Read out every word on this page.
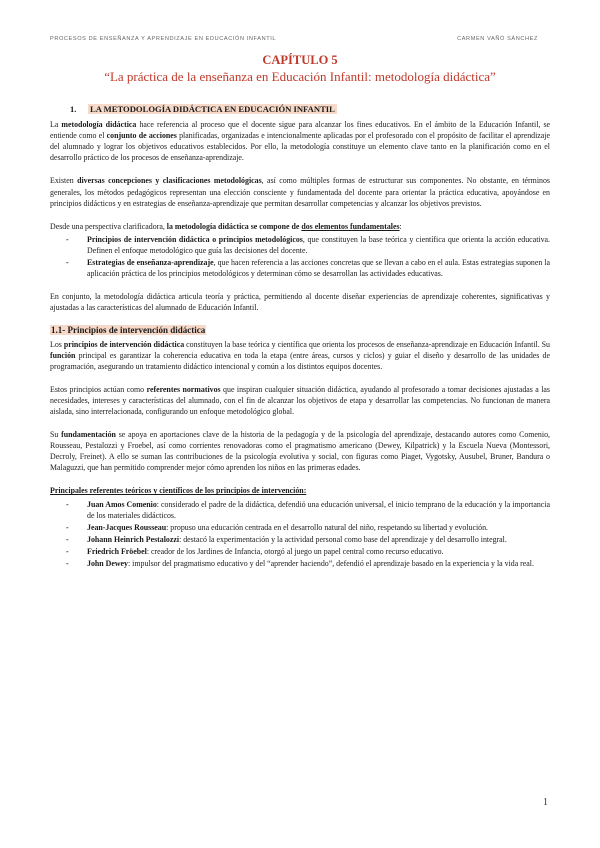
PROCESOS DE ENSEÑANZA Y APRENDIZAJE EN EDUCACIÓN INFANTIL	CARMEN VAÑÓ SÁNCHEZ
CAPÍTULO 5
“La práctica de la enseñanza en Educación Infantil: metodología didáctica”
1. LA METODOLOGÍA DIDÁCTICA EN EDUCACIÓN INFANTIL

La metodología didáctica hace referencia al proceso que el docente sigue para alcanzar los fines educativos. En el ámbito de la Educación Infantil, se entiende como el conjunto de acciones planificadas, organizadas e intencionalmente aplicadas por el profesorado con el propósito de facilitar el aprendizaje del alumnado y lograr los objetivos educativos establecidos. Por ello, la metodología constituye un elemento clave tanto en la planificación como en el desarrollo práctico de los procesos de enseñanza-aprendizaje.

Existen diversas concepciones y clasificaciones metodológicas, así como múltiples formas de estructurar sus componentes. No obstante, en términos generales, los métodos pedagógicos representan una elección consciente y fundamentada del docente para orientar la práctica educativa, apoyándose en principios didácticos y en estrategias de enseñanza-aprendizaje que permitan desarrollar competencias y alcanzar los objetivos previstos.

Desde una perspectiva clarificadora, la metodología didáctica se compone de dos elementos fundamentales:

- Principios de intervención didáctica o principios metodológicos, que constituyen la base teórica y científica que orienta la acción educativa. Definen el enfoque metodológico que guía las decisiones del docente.
- Estrategias de enseñanza-aprendizaje, que hacen referencia a las acciones concretas que se llevan a cabo en el aula. Estas estrategias suponen la aplicación práctica de los principios metodológicos y determinan cómo se desarrollan las actividades educativas.

En conjunto, la metodología didáctica articula teoría y práctica, permitiendo al docente diseñar experiencias de aprendizaje coherentes, significativas y ajustadas a las características del alumnado de Educación Infantil.

1.1- Principios de intervención didáctica

Los principios de intervención didáctica constituyen la base teórica y científica que orienta los procesos de enseñanza-aprendizaje en Educación Infantil. Su función principal es garantizar la coherencia educativa en toda la etapa (entre áreas, cursos y ciclos) y guiar el diseño y desarrollo de las unidades de programación, asegurando un tratamiento didáctico intencional y común a los distintos equipos docentes.

Estos principios actúan como referentes normativos que inspiran cualquier situación didáctica, ayudando al profesorado a tomar decisiones ajustadas a las necesidades, intereses y características del alumnado, con el fin de alcanzar los objetivos de etapa y desarrollar las competencias. No funcionan de manera aislada, sino interrelacionada, configurando un enfoque metodológico global.

Su fundamentación se apoya en aportaciones clave de la historia de la pedagogía y de la psicología del aprendizaje, destacando autores como Comenio, Rousseau, Pestalozzi y Froebel, así como corrientes renovadoras como el pragmatismo americano (Dewey, Kilpatrick) y la Escuela Nueva (Montessori, Decroly, Freinet). A ello se suman las contribuciones de la psicología evolutiva y social, con figuras como Piaget, Vygotsky, Ausubel, Bruner, Bandura o Malaguzzi, que han permitido comprender mejor cómo aprenden los niños en las primeras edades.

Principales referentes teóricos y científicos de los principios de intervención:

- Juan Amos Comenio: considerado el padre de la didáctica, defendió una educación universal, el inicio temprano de la educación y la importancia de los materiales didácticos.
- Jean-Jacques Rousseau: propuso una educación centrada en el desarrollo natural del niño, respetando su libertad y evolución.
- Johann Heinrich Pestalozzi: destacó la experimentación y la actividad personal como base del aprendizaje y del desarrollo integral.
- Friedrich Fröebel: creador de los Jardines de Infancia, otorgó al juego un papel central como recurso educativo.
- John Dewey: impulsor del pragmatismo educativo y del “aprender haciendo”, defendió el aprendizaje basado en la experiencia y la vida real.
1
